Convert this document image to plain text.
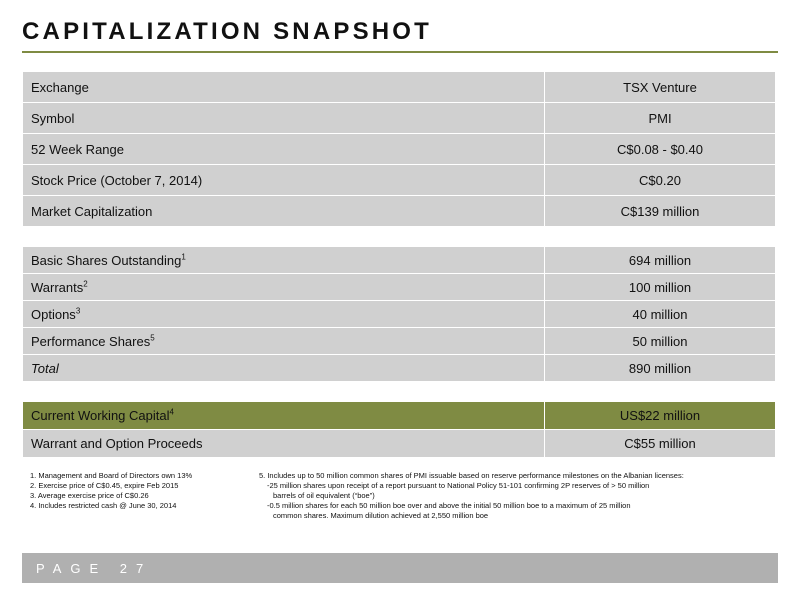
CAPITALIZATION SNAPSHOT
Exchange	TSX Venture
Symbol	PMI
52 Week Range	C$0.08 - $0.40
Stock Price (October 7, 2014)	C$0.20
Market Capitalization	C$139 million
Basic Shares Outstanding$^1$	694 million
Warrants$^2$	100 million
Options$^3$	40 million
Performance Shares$^5$	50 million
Total	890 million
Current Working Capital$^4$	US$22 million
Warrant and Option Proceeds	C$55 million
1. Management and Board of Directors own 13%
2. Exercise price of C$0.45, expire Feb 2015
3. Average exercise price of C$0.26
4. Includes restricted cash @ June 30, 2014
5. Includes up to 50 million common shares of PMI issuable based on reserve performance milestones on the Albanian licenses:
-25 million shares upon receipt of a report pursuant to National Policy 51-101 confirming 2P reserves of > 50 million
barrels of oil equivalent (“boe”)
-0.5 million shares for each 50 million boe over and above the initial 50 million boe to a maximum of 25 million
common shares. Maximum dilution achieved at 2,550 million boe
PAGE 27
